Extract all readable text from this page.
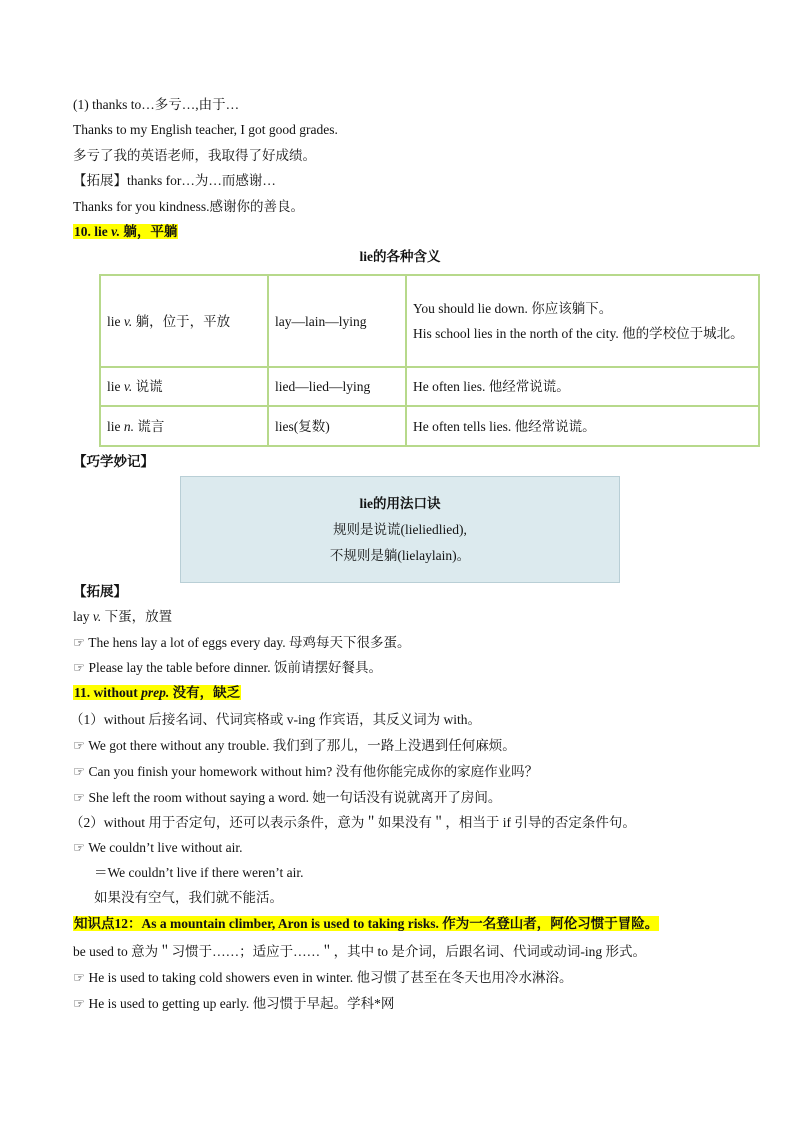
(1) thanks to…多亏…,由于…
Thanks to my English teacher, I got good grades.
多亏了我的英语老师，我取得了好成绩。
【拓展】thanks for…为…而感谢…
Thanks for you kindness.感谢你的善良。
10. lie v. 躺，平躺
lie的各种含义
lie v. 躺，位于，平放	lay—lain—lying	You should lie down. 你应该躺下。
His school lies in the north of the city. 他的学校位于城北。

lie v. 说谎	lied—lied—lying	He often lies. 他经常说谎。
lie n. 谎言	lies(复数)	He often tells lies. 他经常说谎。
【巧学妙记】
lie的用法口诀
规则是说谎(lieliedlied),
不规则是躺(lielaylain)。
【拓展】
lay v. 下蛋，放置
☞ The hens lay a lot of eggs every day. 母鸡每天下很多蛋。
☞ Please lay the table before dinner. 饭前请摆好餐具。
11. without prep. 没有，缺乏
（1）without 后接名词、代词宾格或 v-ing 作宾语，其反义词为 with。
☞ We got there without any trouble. 我们到了那儿，一路上没遇到任何麻烦。
☞ Can you finish your homework without him? 没有他你能完成你的家庭作业吗？
☞ She left the room without saying a word. 她一句话没有说就离开了房间。
（2）without 用于否定句，还可以表示条件，意为＂如果没有＂，相当于 if 引导的否定条件句。
☞ We couldn’t live without air.
＝We couldn’t live if there weren’t air.
如果没有空气，我们就不能活。
知识点12：As a mountain climber, Aron is used to taking risks. 作为一名登山者，阿伦习惯于冒险。
be used to 意为＂习惯于……；适应于……＂，其中 to 是介词，后跟名词、代词或动词-ing 形式。
☞ He is used to taking cold showers even in winter. 他习惯了甚至在冬天也用冷水淋浴。
☞ He is used to getting up early. 他习惯于早起。学科*网
